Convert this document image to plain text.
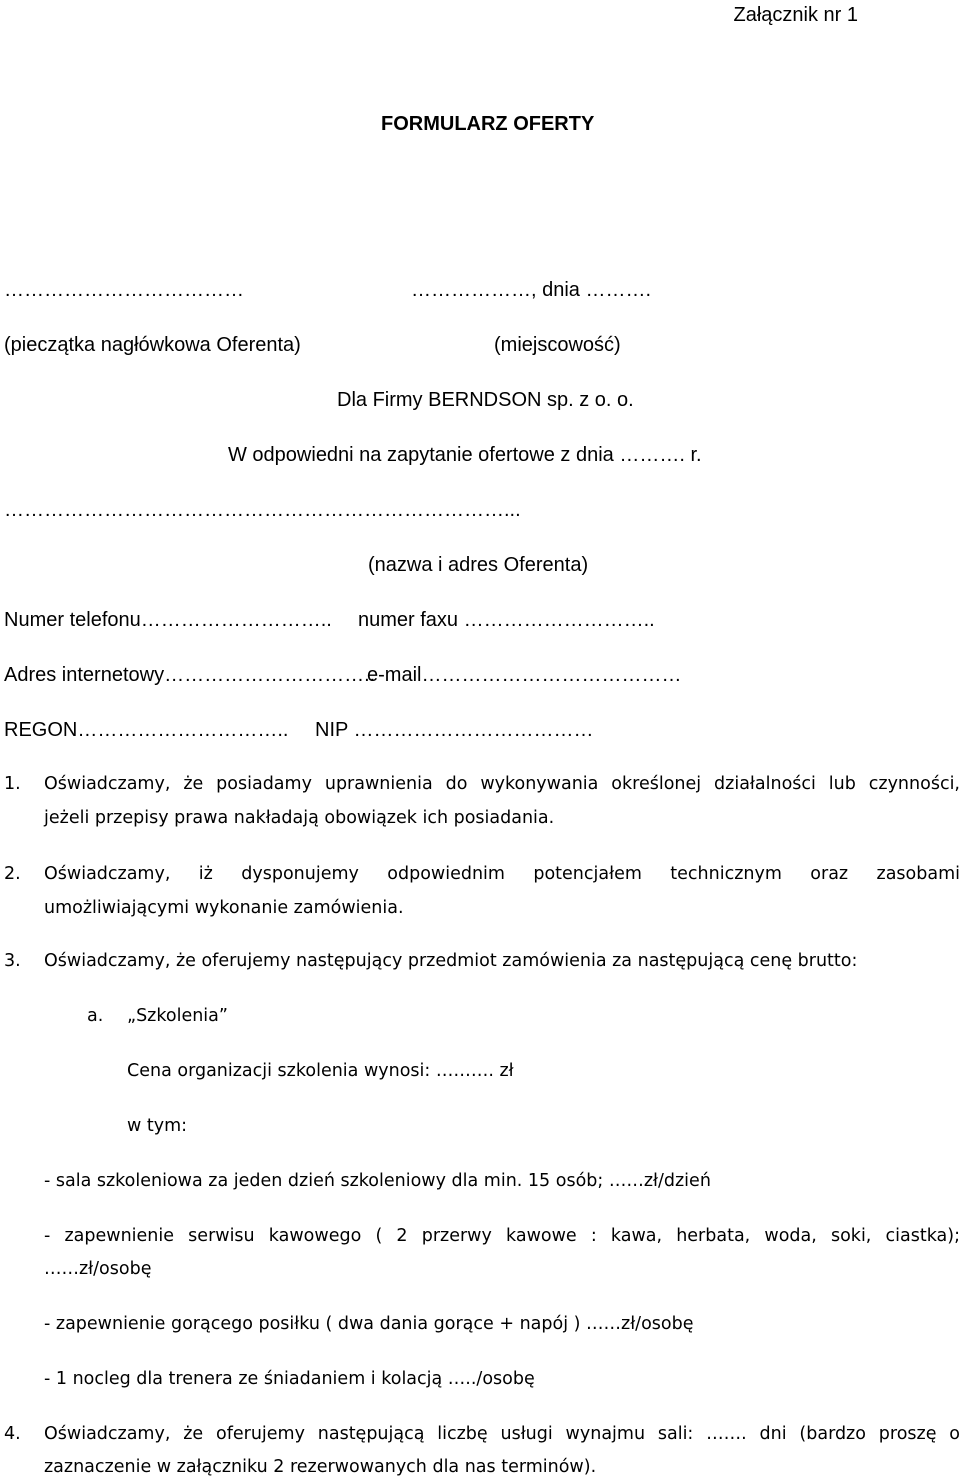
Załącznik nr 1
FORMULARZ OFERTY
………………………………	………………, dnia ……….
(pieczątka nagłówkowa Oferenta)	(miejscowość)
Dla Firmy BERNDSON sp. z o. o.
W odpowiedni na zapytanie ofertowe z dnia ………. r.
…………………………………………………………………...
(nazwa i adres Oferenta)
Numer telefonu……………………….. numer faxu ………………………..
Adres internetowy…………………………..
e-mail…………………………………
REGON………………………….. NIP ………………………………
1. Oświadczamy, że posiadamy uprawnienia do wykonywania określonej działalności lub czynności,
jeżeli przepisy prawa nakładają obowiązek ich posiadania.
2. Oświadczamy, iż dysponujemy odpowiednim potencjałem technicznym oraz zasobami
umożliwiającymi wykonanie zamówienia.
3. Oświadczamy, że oferujemy następujący przedmiot zamówienia za następującą cenę brutto:
a. „Szkolenia”
Cena organizacji szkolenia wynosi: ………. zł
w tym:
- sala szkoleniowa za jeden dzień szkoleniowy dla min. 15 osób; ……zł/dzień
- zapewnienie serwisu kawowego ( 2 przerwy kawowe : kawa, herbata, woda, soki, ciastka);
……zł/osobę
- zapewnienie gorącego posiłku ( dwa dania gorące + napój ) ……zł/osobę
- 1 nocleg dla trenera ze śniadaniem i kolacją …../osobę
4. Oświadczamy, że oferujemy następującą liczbę usługi wynajmu sali: ……. dni (bardzo proszę o
zaznaczenie w załączniku 2 rezerwowanych dla nas terminów).
